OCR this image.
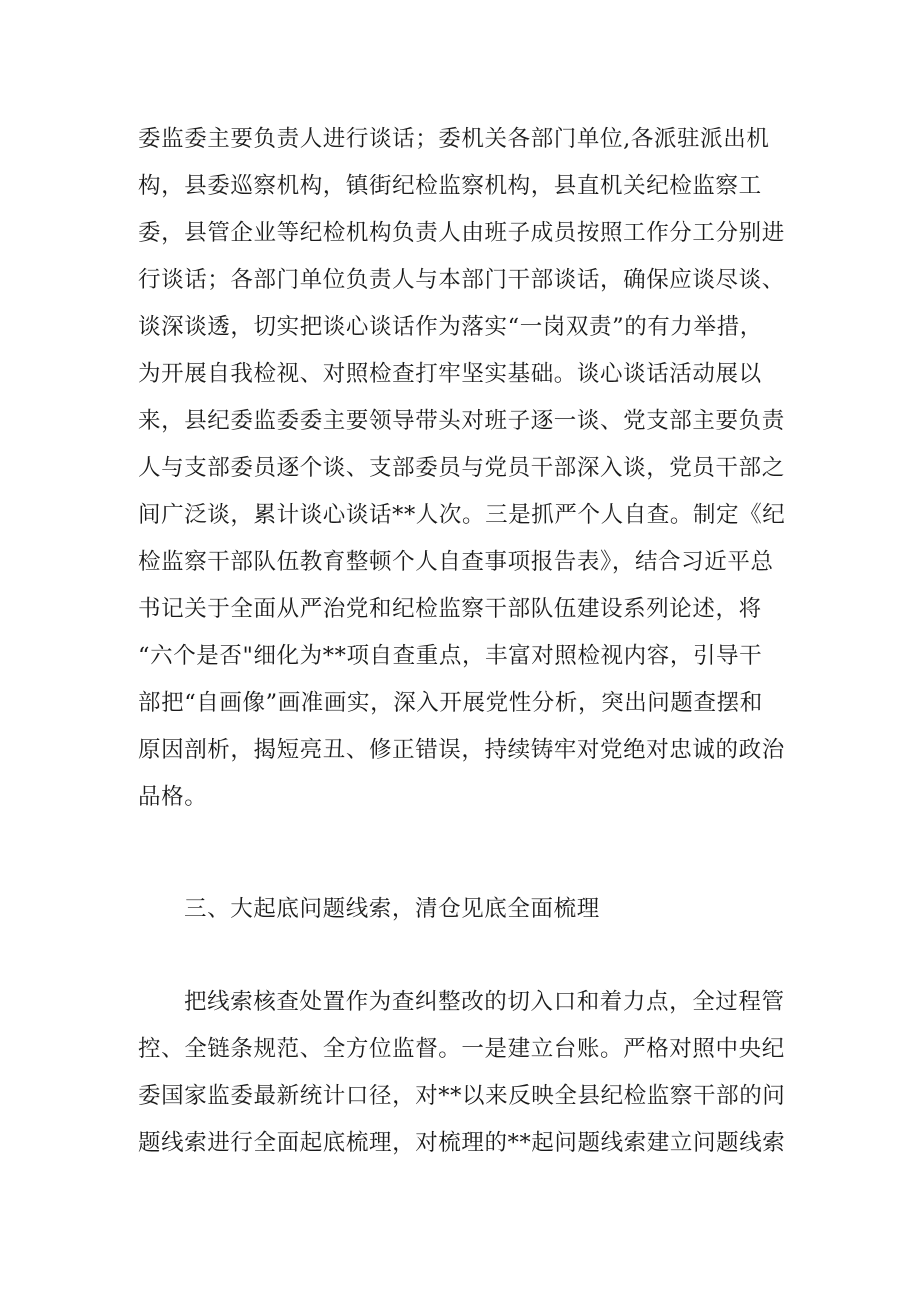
委监委主要负责人进行谈话；委机关各部门单位,各派驻派出机
构，县委巡察机构，镇街纪检监察机构，县直机关纪检监察工
委，县管企业等纪检机构负责人由班子成员按照工作分工分别进
行谈话；各部门单位负责人与本部门干部谈话，确保应谈尽谈、
谈深谈透，切实把谈心谈话作为落实“一岗双责”的有力举措，
为开展自我检视、对照检查打牢坚实基础。谈心谈话活动展以
来，县纪委监委委主要领导带头对班子逐一谈、党支部主要负责
人与支部委员逐个谈、支部委员与党员干部深入谈，党员干部之
间广泛谈，累计谈心谈话**人次。三是抓严个人自查。制定《纪
检监察干部队伍教育整顿个人自查事项报告表》，结合习近平总
书记关于全面从严治党和纪检监察干部队伍建设系列论述，将
“六个是否"细化为**项自查重点，丰富对照检视内容，引导干
部把“自画像”画准画实，深入开展党性分析，突出问题查摆和
原因剖析，揭短亮丑、修正错误，持续铸牢对党绝对忠诚的政治
品格。
三、大起底问题线索，清仓见底全面梳理
把线索核查处置作为查纠整改的切入口和着力点，全过程管
控、全链条规范、全方位监督。一是建立台账。严格对照中央纪
委国家监委最新统计口径，对**以来反映全县纪检监察干部的问
题线索进行全面起底梳理，对梳理的**起问题线索建立问题线索
